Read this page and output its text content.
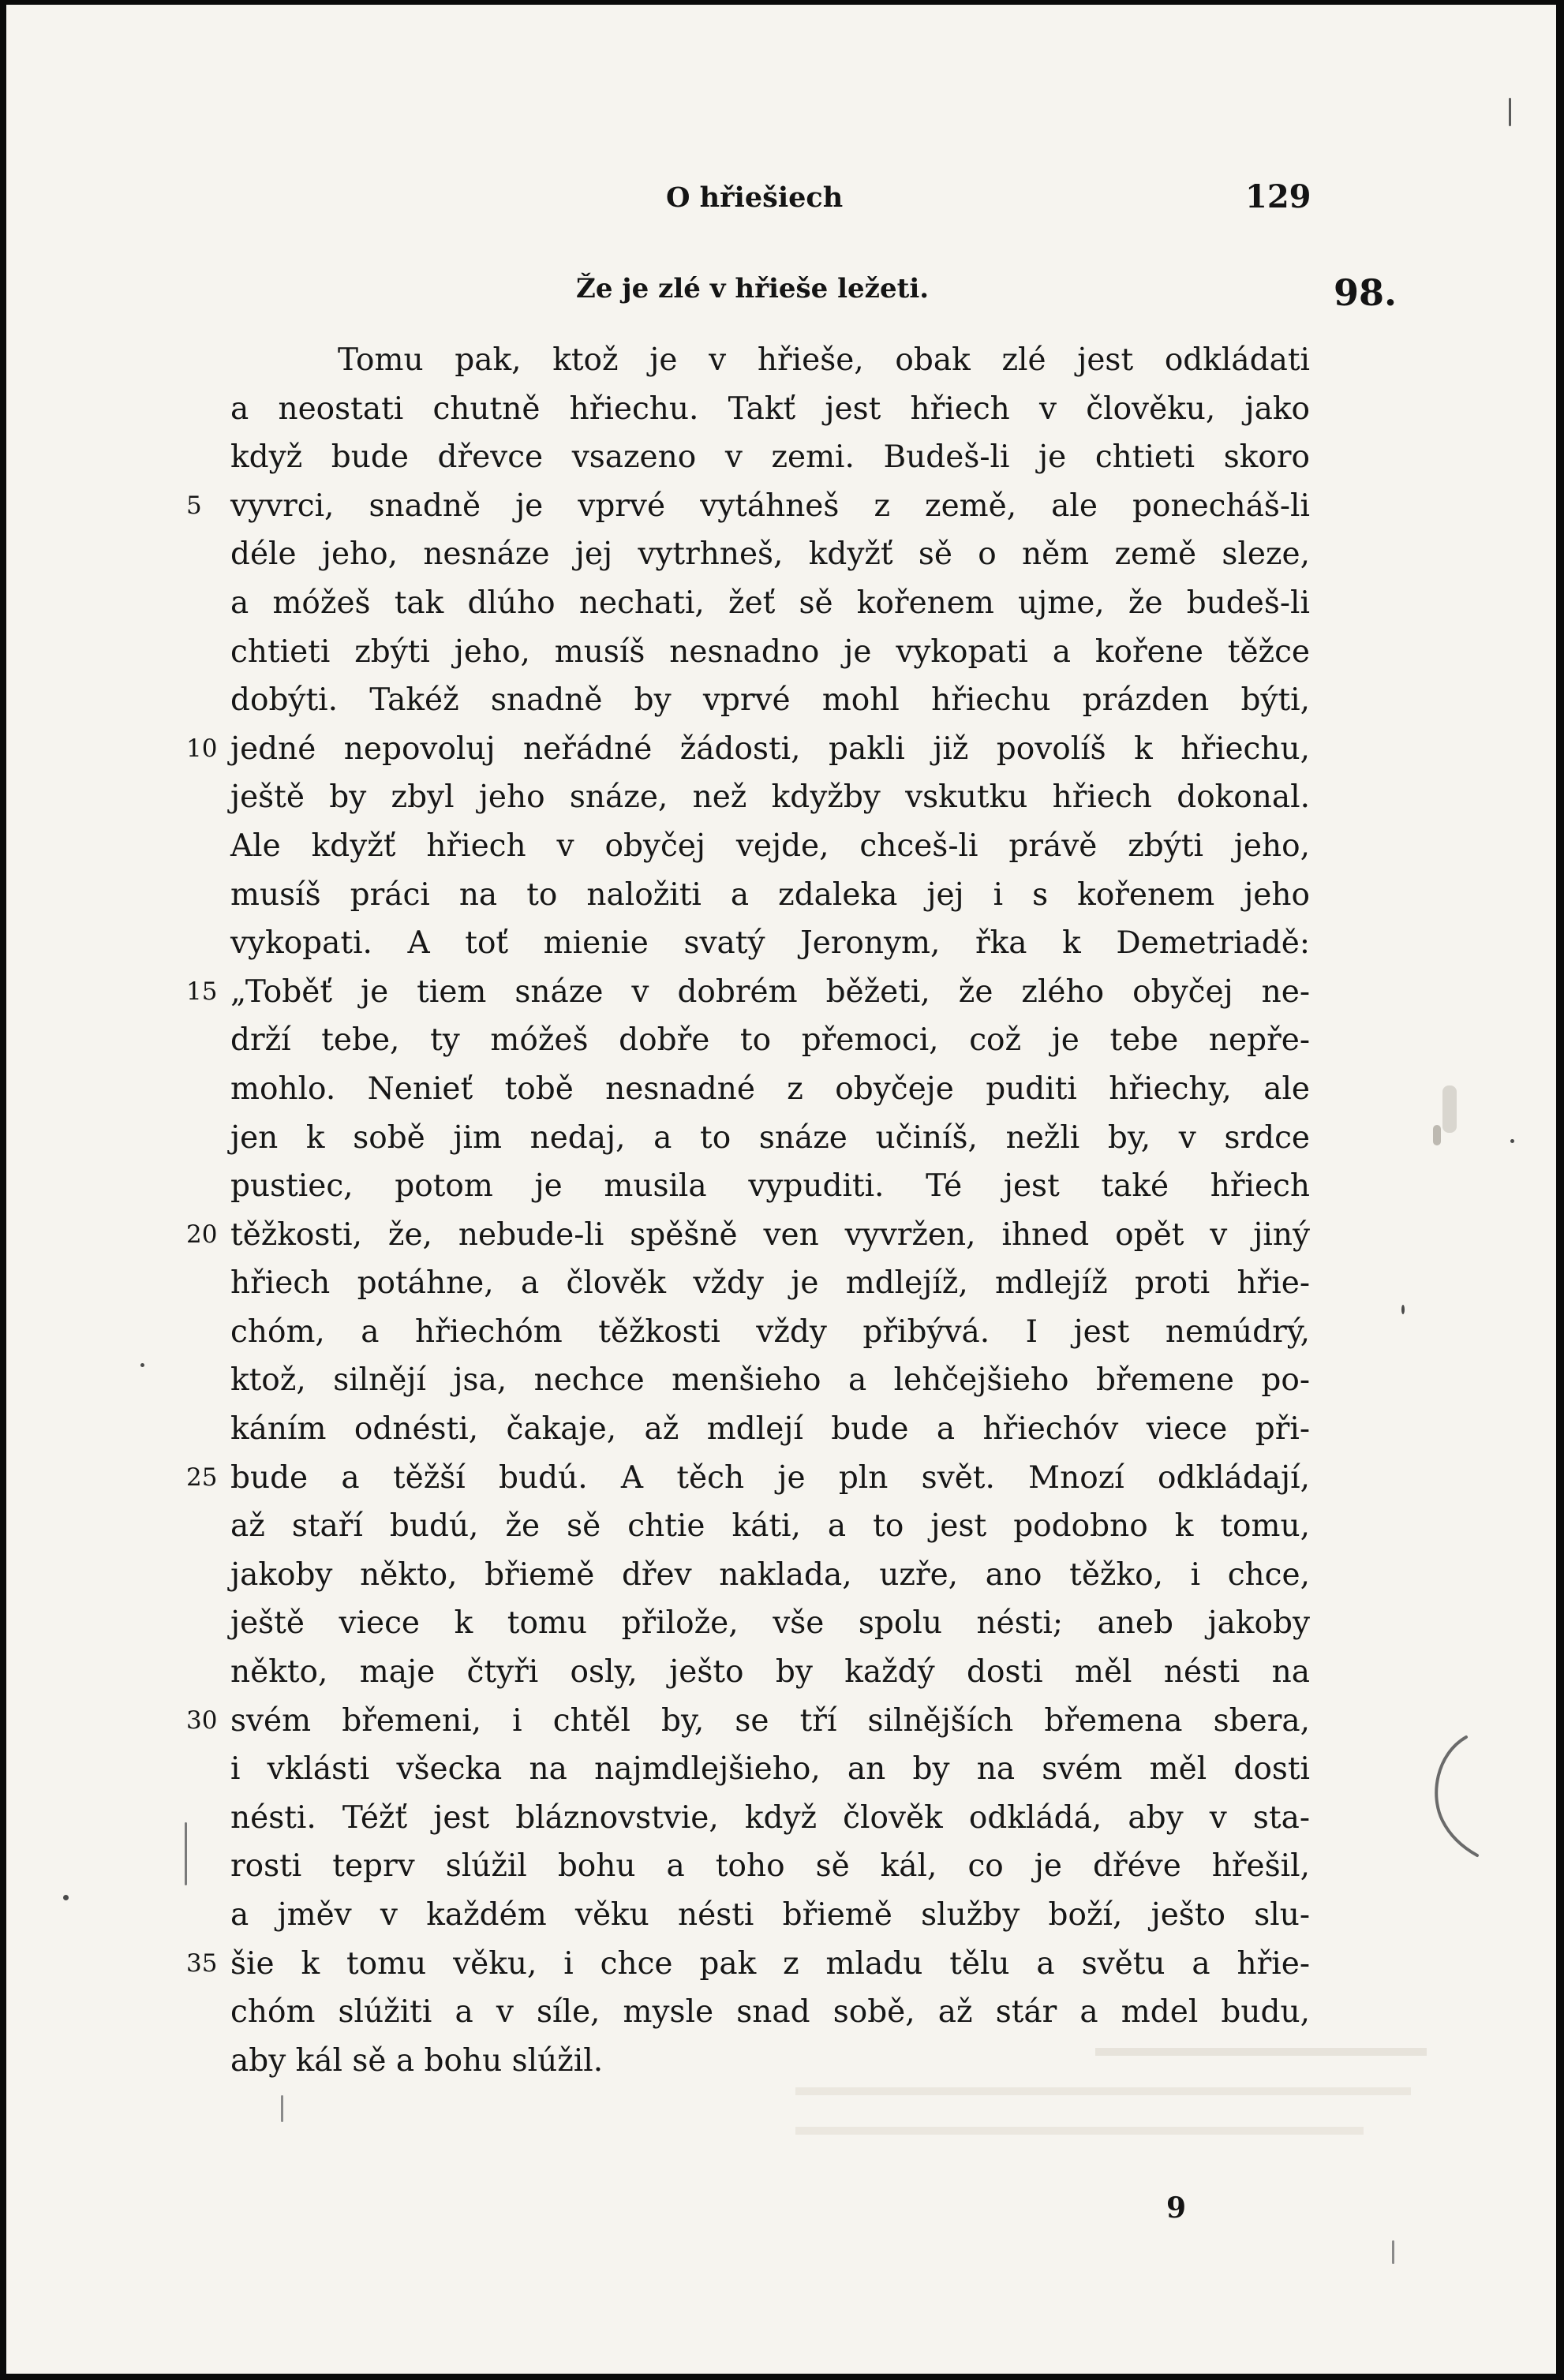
O hřiešiech	129
Že je zlé v hřieše ležeti.	98.
Tomu pak, ktož je v hřieše, obak zlé jest odkládati
a neostati chutně hřiechu. Takť jest hřiech v člověku, jako
když bude dřevce vsazeno v zemi. Budeš-li je chtieti skoro
5 vyvrci, snadně je vprvé vytáhneš z země, ale ponecháš-li
déle jeho, nesnáze jej vytrhneš, kdyžť sě o něm země sleze,
a móžeš tak dlúho nechati, žeť sě kořenem ujme, že budeš-li
chtieti zbýti jeho, musíš nesnadno je vykopati a kořene těžce
dobýti. Takéž snadně by vprvé mohl hřiechu prázden býti,
10 jedné nepovoluj neřádné žádosti, pakli již povolíš k hřiechu,
ještě by zbyl jeho snáze, než kdyžby vskutku hřiech dokonal.
Ale kdyžť hřiech v obyčej vejde, chceš-li právě zbýti jeho,
musíš práci na to naložiti a zdaleka jej i s kořenem jeho
vykopati. A toť mienie svatý Jeronym, řka k Demetriadě:
15 „Toběť je tiem snáze v dobrém běžeti, že zlého obyčej ne-
drží tebe, ty móžeš dobře to přemoci, což je tebe nepře-
mohlo. Nenieť tobě nesnadné z obyčeje puditi hřiechy, ale
jen k sobě jim nedaj, a to snáze učiníš, nežli by, v srdce
pustiec, potom je musila vypuditi. Té jest také hřiech
20 těžkosti, že, nebude-li spěšně ven vyvržen, ihned opět v jiný
hřiech potáhne, a člověk vždy je mdlejíž, mdlejíž proti hřie-
chóm, a hřiechóm těžkosti vždy přibývá. I jest nemúdrý,
ktož, silnějí jsa, nechce menšieho a lehčejšieho břemene po-
káním odnésti, čakaje, až mdlejí bude a hřiechóv viece při-
25 bude a těžší budú. A těch je pln svět. Mnozí odkládají,
až staří budú, že sě chtie káti, a to jest podobno k tomu,
jakoby někto, břiemě dřev naklada, uzře, ano těžko, i chce,
ještě viece k tomu přilože, vše spolu nésti; aneb jakoby
někto, maje čtyři osly, ješto by každý dosti měl nésti na
30 svém břemeni, i chtěl by, se tří silnějších břemena sbera,
i vklásti všecka na najmdlejšieho, an by na svém měl dosti
nésti. Téžť jest bláznovstvie, když člověk odkládá, aby v sta-
rosti teprv slúžil bohu a toho sě kál, co je dřéve hřešil,
a jměv v každém věku nésti břiemě služby boží, ješto slu-
35 šie k tomu věku, i chce pak z mladu tělu a světu a hřie-
chóm slúžiti a v síle, mysle snad sobě, až stár a mdel budu,
aby kál sě a bohu slúžil.
9
